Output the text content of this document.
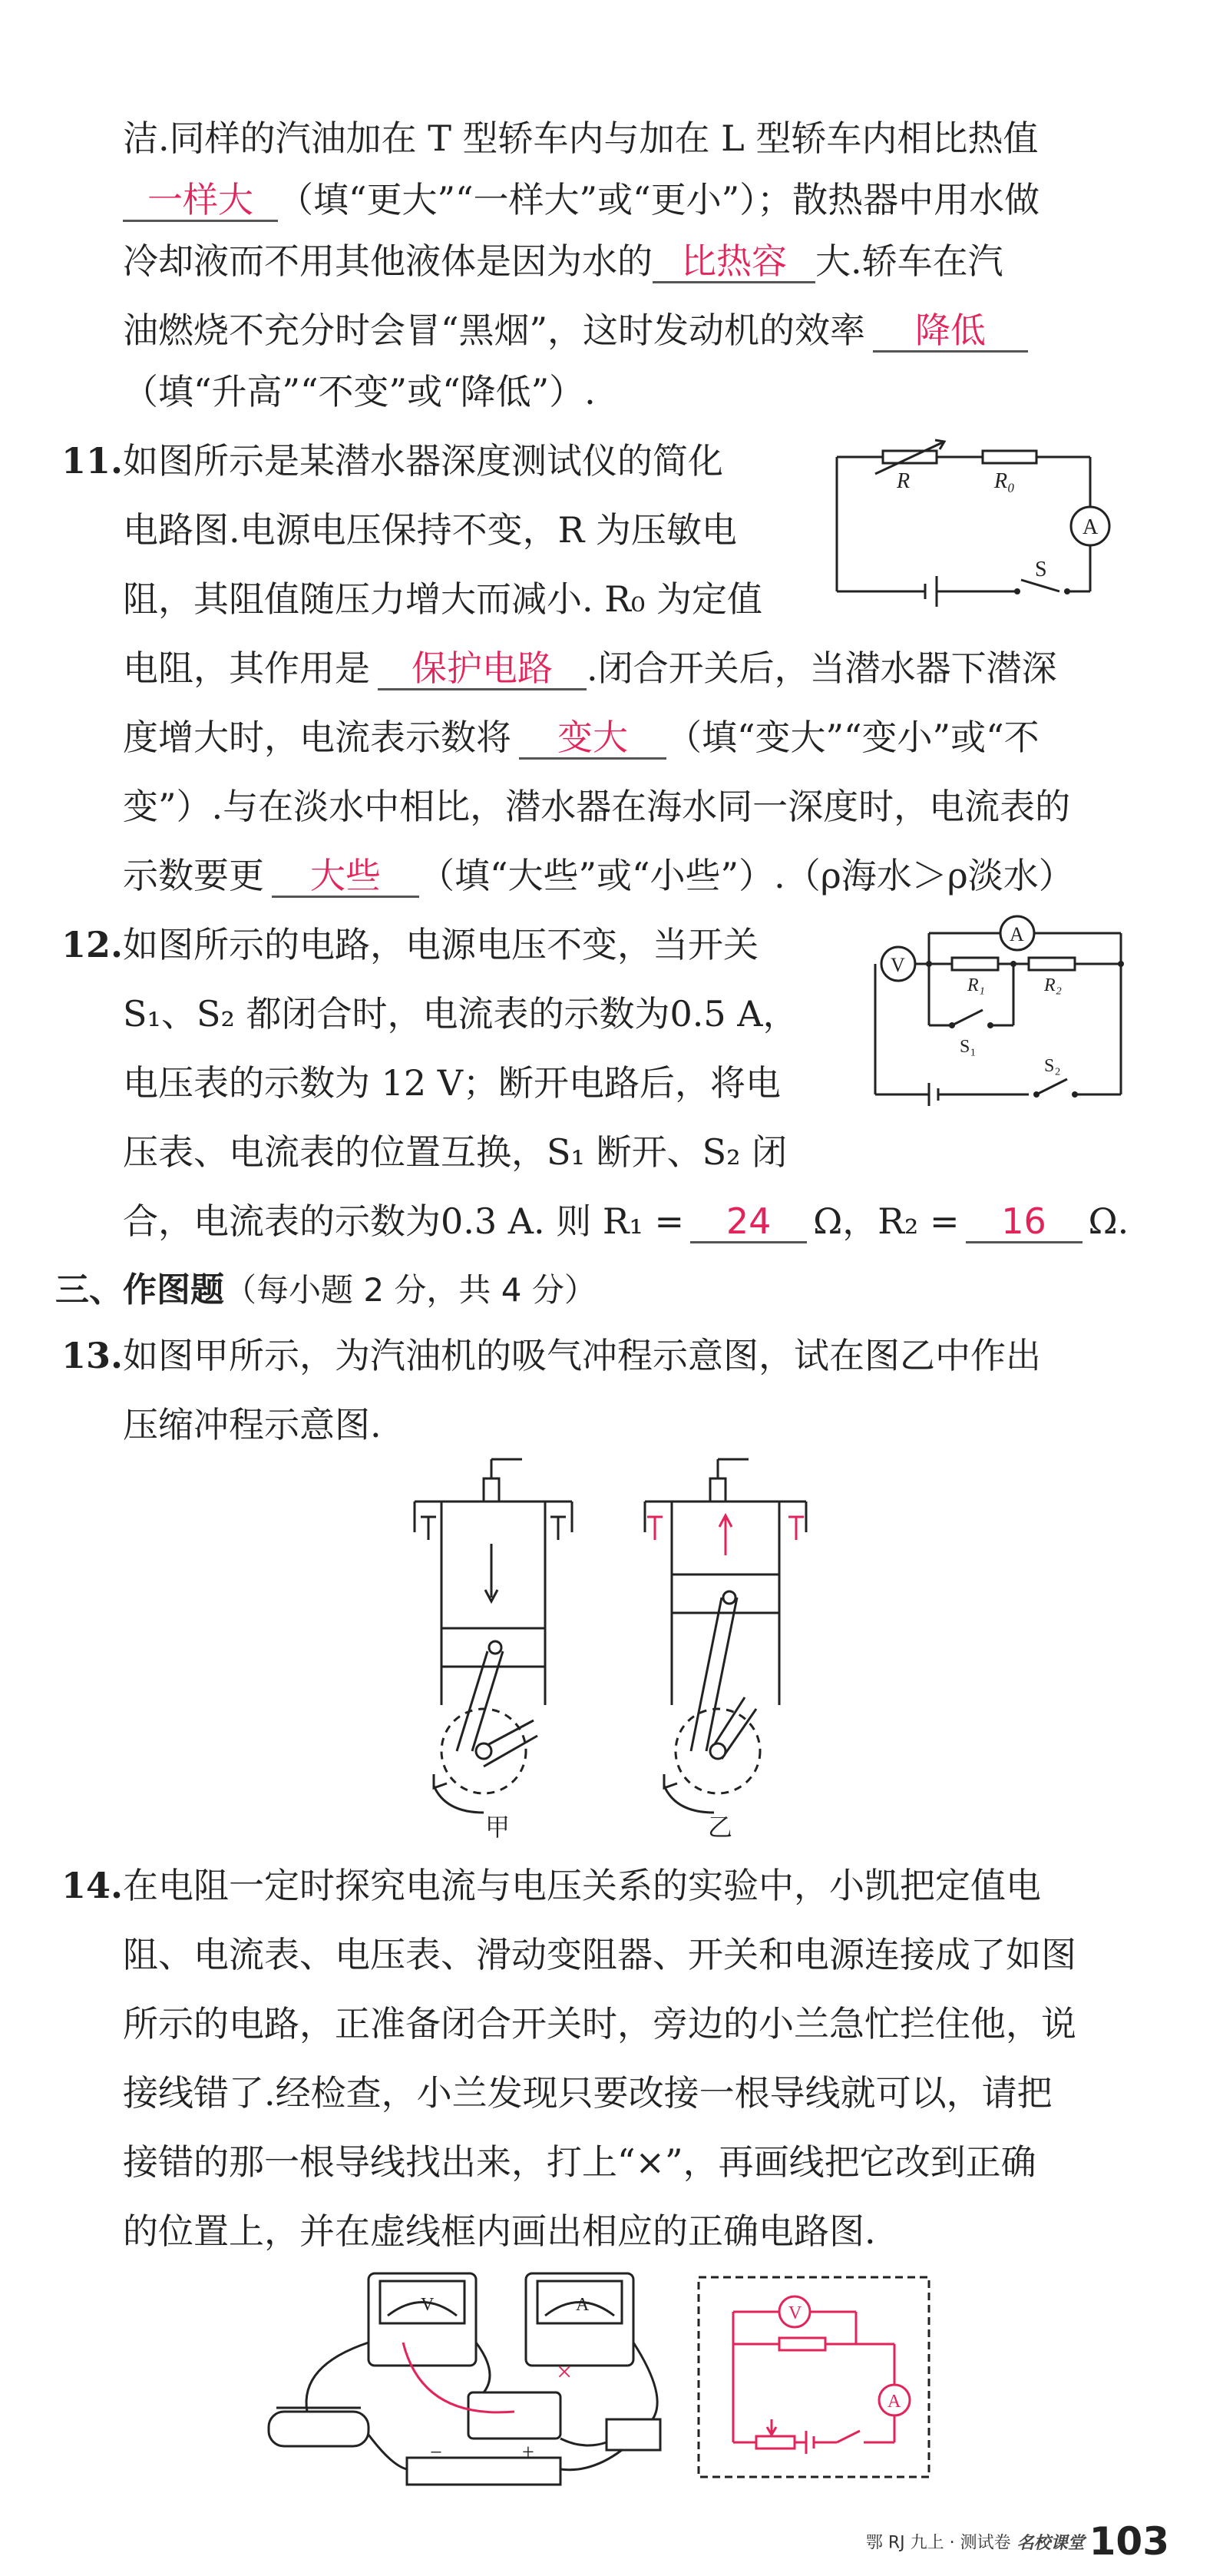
洁.同样的汽油加在 T 型轿车内与加在 L 型轿车内相比热值
一样大 （填“更大”“一样大”或“更小”）；散热器中用水做
冷却液而不用其他液体是因为水的 比热容 大.轿车在汽
油燃烧不充分时会冒“黑烟”，这时发动机的效率 降低
（填“升高”“不变”或“降低”）.
11. 如图所示是某潜水器深度测试仪的简化
电路图.电源电压保持不变，R 为压敏电
阻，其阻值随压力增大而减小. R₀ 为定值
电阻，其作用是 保护电路 .闭合开关后，当潜水器下潜深
度增大时，电流表示数将 变大 （填“变大”“变小”或“不
变”）.与在淡水中相比，潜水器在海水同一深度时，电流表的
示数要更 大些 （填“大些”或“小些”）.（ρ海水＞ρ淡水）
R	R₀
A
S
12. 如图所示的电路，电源电压不变，当开关
S₁、S₂ 都闭合时，电流表的示数为0.5 A，
电压表的示数为 12 V；断开电路后，将电
压表、电流表的位置互换，S₁ 断开、S₂ 闭
合，电流表的示数为0.3 A. 则 R₁ = 24 Ω，R₂ = 16 Ω.
V
A
R₁	R₂
S₁
S₂
三、作图题（每小题 2 分，共 4 分）
13. 如图甲所示，为汽油机的吸气冲程示意图，试在图乙中作出
压缩冲程示意图.
甲	乙
14. 在电阻一定时探究电流与电压关系的实验中，小凯把定值电
阻、电流表、电压表、滑动变阻器、开关和电源连接成了如图
所示的电路，正准备闭合开关时，旁边的小兰急忙拦住他，说
接线错了.经检查，小兰发现只要改接一根导线就可以，请把
接错的那一根导线找出来，打上“×”，再画线把它改到正确
的位置上，并在虚线框内画出相应的正确电路图.
V	A
−	+
×
V
A
鄂 RJ 九上 · 测试卷 名校课堂 103
